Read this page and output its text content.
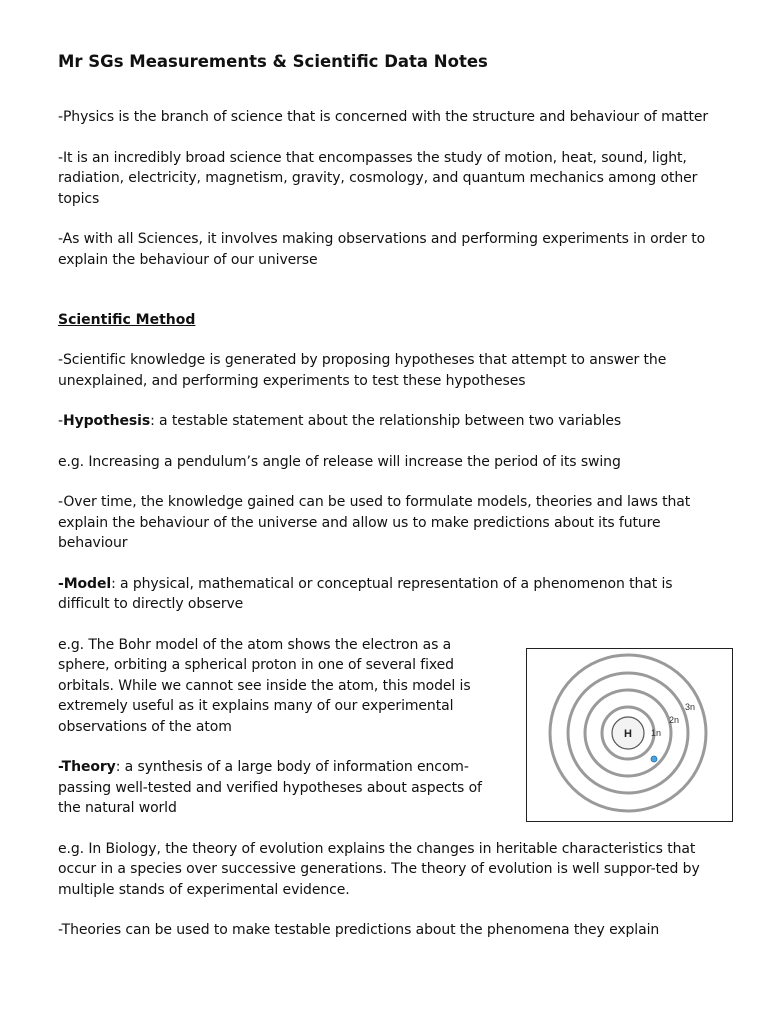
Mr SGs Measurements & Scientific Data Notes

-Physics is the branch of science that is concerned with the structure and behaviour of matter

-It is an incredibly broad science that encompasses the study of motion, heat, sound, light, radiation, electricity, magnetism, gravity, cosmology, and quantum mechanics among other topics

-As with all Sciences, it involves making observations and performing experiments in order to explain the behaviour of our universe

Scientific Method

-Scientific knowledge is generated by proposing hypotheses that attempt to answer the unexplained, and performing experiments to test these hypotheses

-Hypothesis: a testable statement about the relationship between two variables

e.g. Increasing a pendulum’s angle of release will increase the period of its swing

-Over time, the knowledge gained can be used to formulate models, theories and laws that explain the behaviour of the universe and allow us to make predictions about its future behaviour

-Model: a physical, mathematical or conceptual representation of a phenomenon that is difficult to directly observe

e.g. The Bohr model of the atom shows the electron as a sphere, orbiting a spherical proton in one of several fixed orbitals. While we cannot see inside the atom, this model is extremely useful as it explains many of our experimental observations of the atom

-Theory: a synthesis of a large body of information encom-passing well-tested and verified hypotheses about aspects of the natural world

e.g. In Biology, the theory of evolution explains the changes in heritable characteristics that occur in a species over successive generations. The theory of evolution is well suppor-ted by multiple stands of experimental evidence.

-Theories can be used to make testable predictions about the phenomena they explain

H 1n
2n
3n
